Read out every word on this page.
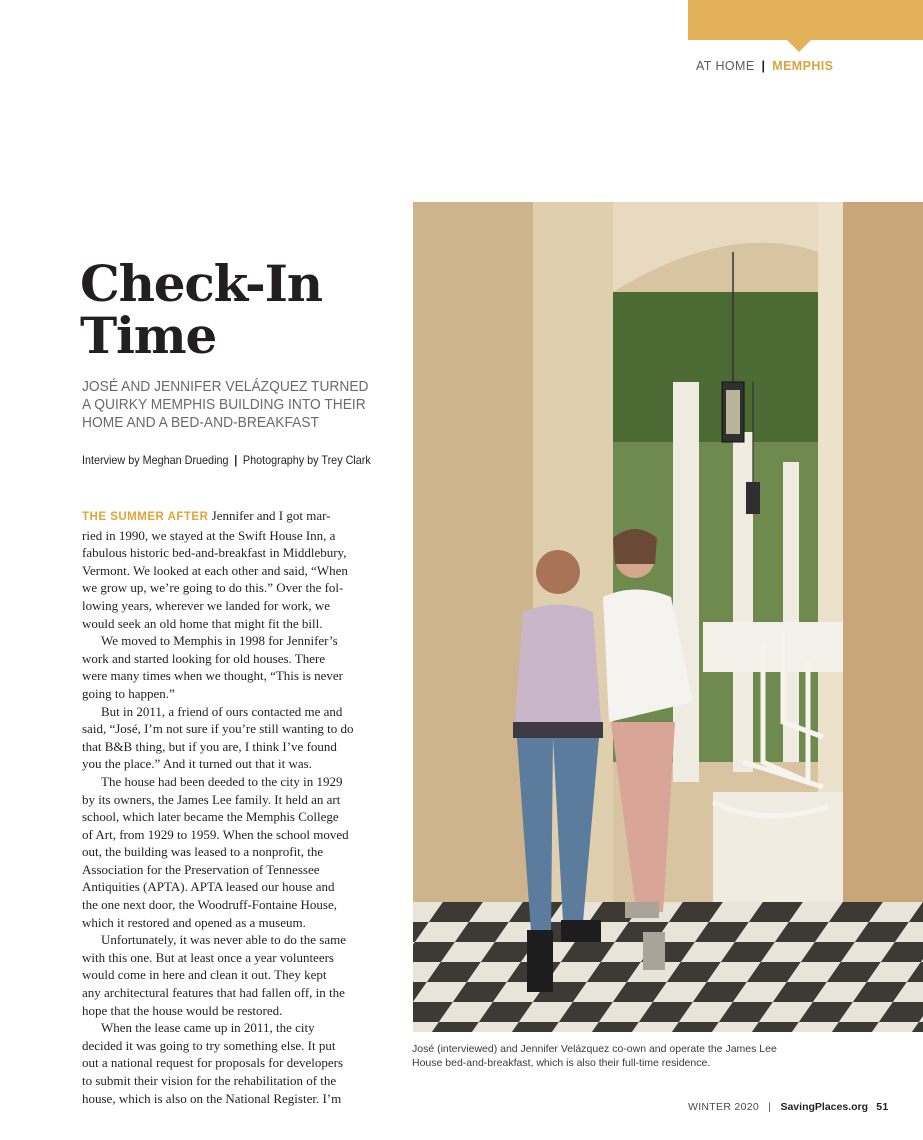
AT HOME | MEMPHIS
Check-In
Time
JOSÉ AND JENNIFER VELÁZQUEZ TURNED
A QUIRKY MEMPHIS BUILDING INTO THEIR
HOME AND A BED-AND-BREAKFAST
Interview by Meghan Drueding | Photography by Trey Clark

THE SUMMER AFTER Jennifer and I got mar-
ried in 1990, we stayed at the Swift House Inn, a
fabulous historic bed-and-breakfast in Middlebury,
Vermont. We looked at each other and said, “When
we grow up, we’re going to do this.” Over the fol-
lowing years, wherever we landed for work, we
would seek an old home that might fit the bill.

We moved to Memphis in 1998 for Jennifer’s
work and started looking for old houses. There
were many times when we thought, “This is never
going to happen.”

But in 2011, a friend of ours contacted me and
said, “José, I’m not sure if you’re still wanting to do
that B&B thing, but if you are, I think I’ve found
you the place.” And it turned out that it was.

The house had been deeded to the city in 1929
by its owners, the James Lee family. It held an art
school, which later became the Memphis College
of Art, from 1929 to 1959. When the school moved
out, the building was leased to a nonprofit, the
Association for the Preservation of Tennessee
Antiquities (APTA). APTA leased our house and
the one next door, the Woodruff-Fontaine House,
which it restored and opened as a museum.

Unfortunately, it was never able to do the same
with this one. But at least once a year volunteers
would come in here and clean it out. They kept
any architectural features that had fallen off, in the
hope that the house would be restored.

When the lease came up in 2011, the city
decided it was going to try something else. It put
out a national request for proposals for developers
to submit their vision for the rehabilitation of the
house, which is also on the National Register. I’m

José (interviewed) and Jennifer Velázquez co-own and operate the James Lee
House bed-and-breakfast, which is also their full-time residence.
WINTER 2020 | SavingPlaces.org 51
